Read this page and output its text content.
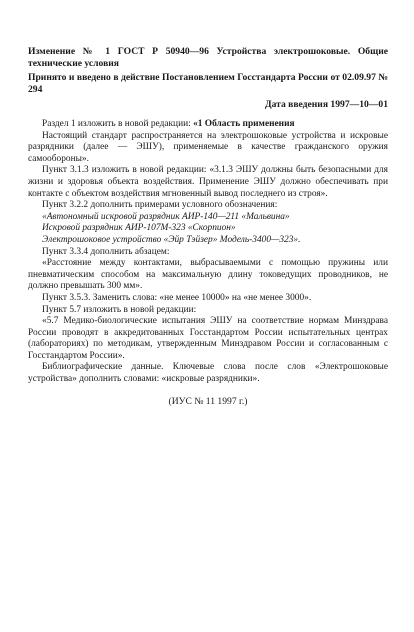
Изменение № 1 ГОСТ Р 50940—96 Устройства электрошоковые. Общие технические условия

Принято и введено в действие Постановлением Госстандарта России от 02.09.97 № 294

Дата введения 1997—10—01

Раздел 1 изложить в новой редакции: «1 Область применения

Настоящий стандарт распространяется на электрошоковые устройства и искровые разрядники (далее — ЭШУ), применяемые в качестве гражданского оружия самообороны».

Пункт 3.1.3 изложить в новой редакции: «3.1.3 ЭШУ должны быть безопасными для жизни и здоровья объекта воздействия. Применение ЭШУ должно обеспечивать при контакте с объектом воздействия мгновенный вывод последнего из строя».

Пункт 3.2.2 дополнить примерами условного обозначения:

«Автономный искровой разрядник АИР-140—211 «Мальвина»

Искровой разрядник АИР-107М-323 «Скорпион»

Электрошоковое устройство «Эйр Тэйзер» Модель-3400—323».

Пункт 3.3.4 дополнить абзацем:

«Расстояние между контактами, выбрасываемыми с помощью пружины или пневматическим способом на максимальную длину токоведущих проводников, не должно превышать 300 мм».

Пункт 3.5.3. Заменить слова: «не менее 10000» на «не менее 3000».

Пункт 5.7 изложить в новой редакции:

«5.7 Медико-биологические испытания ЭШУ на соответствие нормам Минздрава России проводят в аккредитованных Госстандартом России испытательных центрах (лабораториях) по методикам, утвержденным Минздравом России и согласованным с Госстандартом России».

Библиографические данные. Ключевые слова после слов «Электрошоковые устройства» дополнить словами: «искровые разрядники».

(ИУС № 11 1997 г.)
